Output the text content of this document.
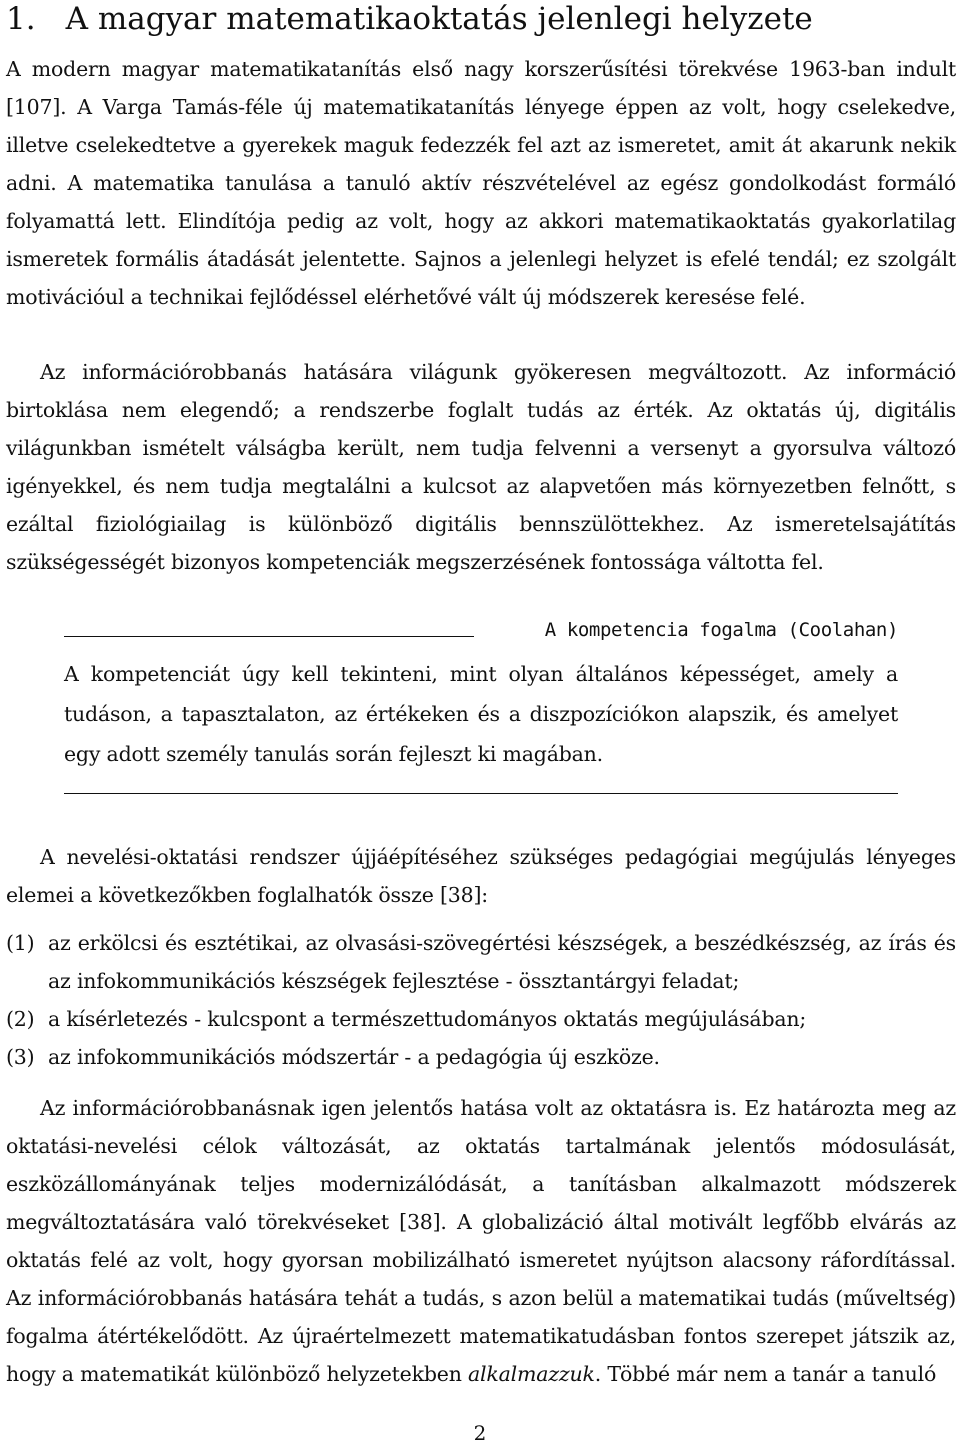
1. A magyar matematikaoktatás jelenlegi helyzete

A modern magyar matematikatanítás első nagy korszerűsítési törekvése 1963-ban indult [107]. A Varga Tamás-féle új matematikatanítás lényege éppen az volt, hogy cselekedve, illetve cselekedtetve a gyerekek maguk fedezzék fel azt az ismeretet, amit át akarunk nekik adni. A matematika tanulása a tanuló aktív részvételével az egész gondolkodást formáló folyamattá lett. Elindítója pedig az volt, hogy az akkori matematikaoktatás gyakorlatilag ismeretek formális átadását jelentette. Sajnos a jelenlegi helyzet is efelé tendál; ez szolgált motivációul a technikai fejlődéssel elérhetővé vált új módszerek keresése felé.

Az információrobbanás hatására világunk gyökeresen megváltozott. Az információ birtoklása nem elegendő; a rendszerbe foglalt tudás az érték. Az oktatás új, digitális világunkban ismételt válságba került, nem tudja felvenni a versenyt a gyorsulva változó igényekkel, és nem tudja megtalálni a kulcsot az alapvetően más környezetben felnőtt, s ezáltal fiziológiailag is különböző digitális bennszülöttekhez. Az ismeretelsajátítás szükségességét bizonyos kompetenciák megszerzésének fontossága váltotta fel.

A kompetencia fogalma (Coolahan)

A kompetenciát úgy kell tekinteni, mint olyan általános képességet, amely a tudáson, a tapasztalaton, az értékeken és a diszpozíciókon alapszik, és amelyet egy adott személy tanulás során fejleszt ki magában.

A nevelési-oktatási rendszer újjáépítéséhez szükséges pedagógiai megújulás lényeges elemei a következőkben foglalhatók össze [38]:

(1) az erkölcsi és esztétikai, az olvasási-szövegértési készségek, a beszédkészség, az írás és az infokommunikációs készségek fejlesztése - össztantárgyi feladat;
(2) a kísérletezés - kulcspont a természettudományos oktatás megújulásában;
(3) az infokommunikációs módszertár - a pedagógia új eszköze.

Az információrobbanásnak igen jelentős hatása volt az oktatásra is. Ez határozta meg az oktatási-nevelési célok változását, az oktatás tartalmának jelentős módosulását, eszközállományának teljes modernizálódását, a tanításban alkalmazott módszerek megváltoztatására való törekvéseket [38]. A globalizáció által motivált legfőbb elvárás az oktatás felé az volt, hogy gyorsan mobilizálható ismeretet nyújtson alacsony ráfordítással. Az információrobbanás hatására tehát a tudás, s azon belül a matematikai tudás (műveltség) fogalma átértékelődött. Az újraértelmezett matematikatudásban fontos szerepet játszik az, hogy a matematikát különböző helyzetekben alkalmazzuk. Többé már nem a tanár a tanuló

2
